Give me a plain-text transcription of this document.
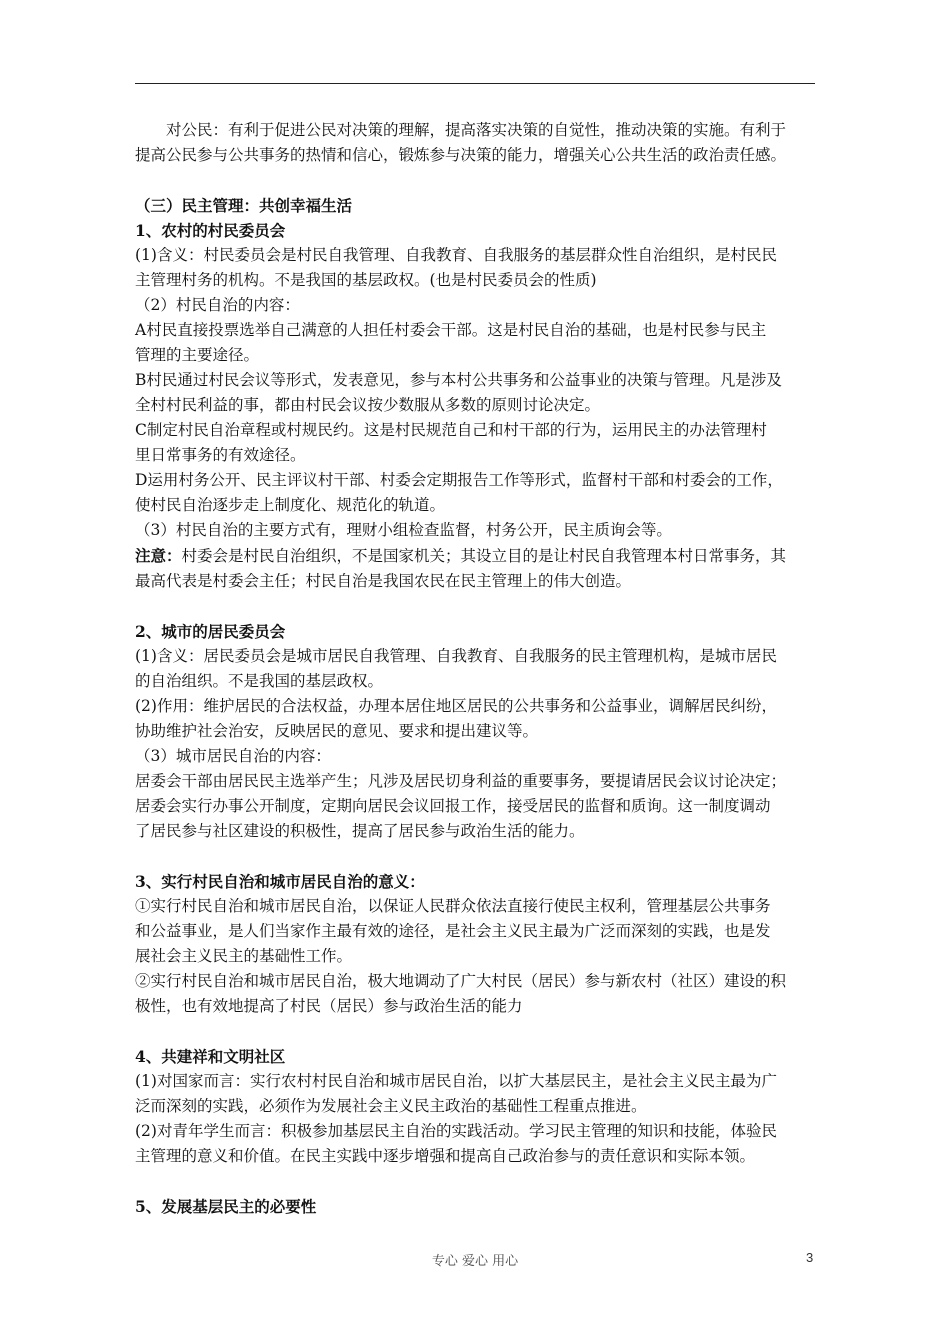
对公民：有利于促进公民对决策的理解，提高落实决策的自觉性，推动决策的实施。有利于

提高公民参与公共事务的热情和信心，锻炼参与决策的能力，增强关心公共生活的政治责任感。

（三）民主管理：共创幸福生活

1、农村的村民委员会

(1)含义：村民委员会是村民自我管理、自我教育、自我服务的基层群众性自治组织，是村民民

主管理村务的机构。不是我国的基层政权。(也是村民委员会的性质)

（2）村民自治的内容：

A村民直接投票选举自己满意的人担任村委会干部。这是村民自治的基础，也是村民参与民主

管理的主要途径。

B村民通过村民会议等形式，发表意见，参与本村公共事务和公益事业的决策与管理。凡是涉及

全村村民利益的事，都由村民会议按少数服从多数的原则讨论决定。

C制定村民自治章程或村规民约。这是村民规范自己和村干部的行为，运用民主的办法管理村

里日常事务的有效途径。

D运用村务公开、民主评议村干部、村委会定期报告工作等形式，监督村干部和村委会的工作，

使村民自治逐步走上制度化、规范化的轨道。

（3）村民自治的主要方式有，理财小组检查监督，村务公开，民主质询会等。

注意：村委会是村民自治组织，不是国家机关；其设立目的是让村民自我管理本村日常事务，其

最高代表是村委会主任；村民自治是我国农民在民主管理上的伟大创造。

2、城市的居民委员会

(1)含义：居民委员会是城市居民自我管理、自我教育、自我服务的民主管理机构，是城市居民

的自治组织。不是我国的基层政权。

(2)作用：维护居民的合法权益，办理本居住地区居民的公共事务和公益事业，调解居民纠纷，

协助维护社会治安，反映居民的意见、要求和提出建议等。

（3）城市居民自治的内容：

居委会干部由居民民主选举产生；凡涉及居民切身利益的重要事务，要提请居民会议讨论决定；

居委会实行办事公开制度，定期向居民会议回报工作，接受居民的监督和质询。这一制度调动

了居民参与社区建设的积极性，提高了居民参与政治生活的能力。

3、实行村民自治和城市居民自治的意义：

①实行村民自治和城市居民自治，以保证人民群众依法直接行使民主权利，管理基层公共事务

和公益事业，是人们当家作主最有效的途径，是社会主义民主最为广泛而深刻的实践，也是发

展社会主义民主的基础性工作。

②实行村民自治和城市居民自治，极大地调动了广大村民（居民）参与新农村（社区）建设的积

极性，也有效地提高了村民（居民）参与政治生活的能力

4、共建祥和文明社区

(1)对国家而言：实行农村村民自治和城市居民自治，以扩大基层民主，是社会主义民主最为广

泛而深刻的实践，必须作为发展社会主义民主政治的基础性工程重点推进。

(2)对青年学生而言：积极参加基层民主自治的实践活动。学习民主管理的知识和技能，体验民

主管理的意义和价值。在民主实践中逐步增强和提高自己政治参与的责任意识和实际本领。

5、发展基层民主的必要性

专心 爱心 用心	3
